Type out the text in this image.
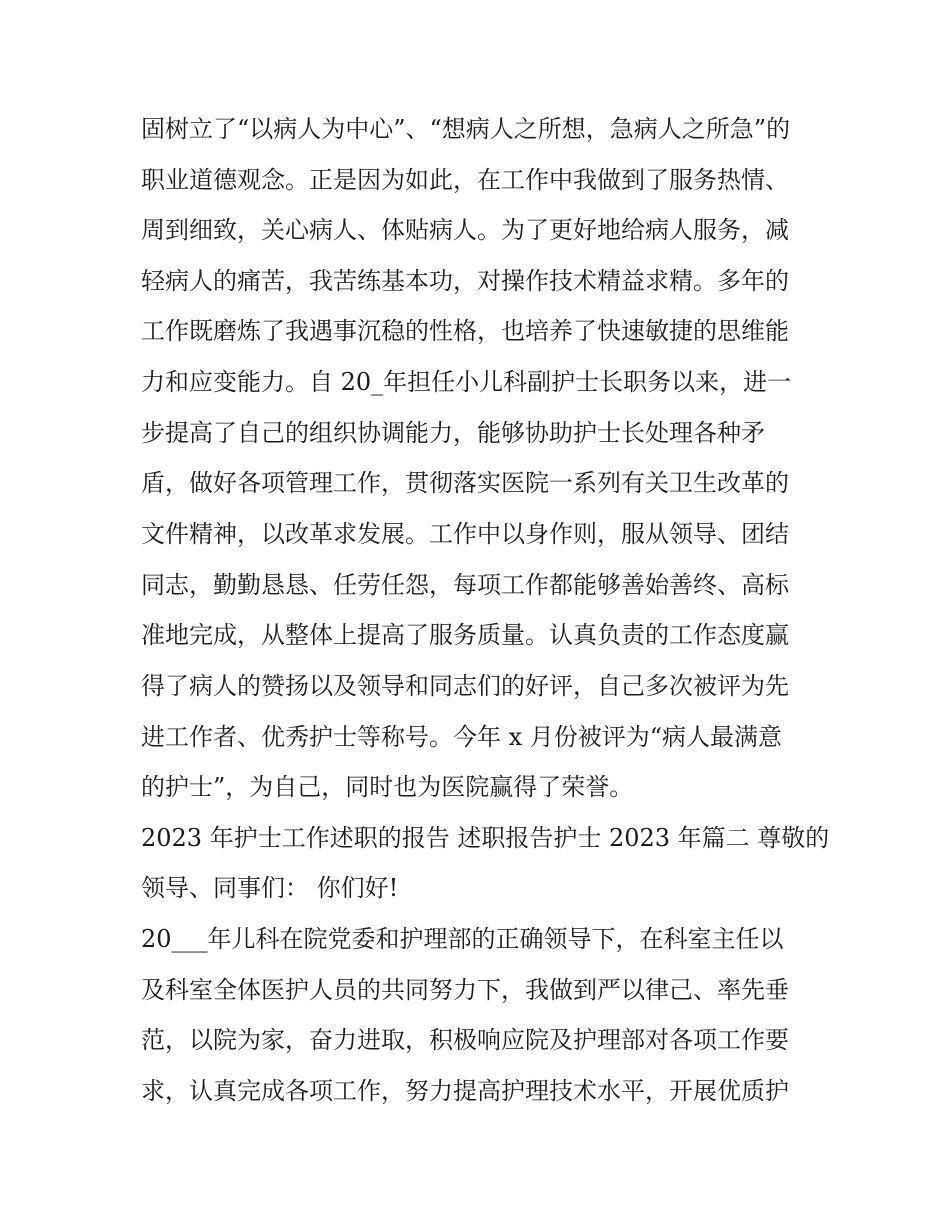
固树立了“以病人为中心”、“想病人之所想，急病人之所急”的
职业道德观念。正是因为如此，在工作中我做到了服务热情、
周到细致，关心病人、体贴病人。为了更好地给病人服务，减
轻病人的痛苦，我苦练基本功，对操作技术精益求精。多年的
工作既磨炼了我遇事沉稳的性格，也培养了快速敏捷的思维能
力和应变能力。自 20_年担任小儿科副护士长职务以来，进一
步提高了自己的组织协调能力，能够协助护士长处理各种矛
盾，做好各项管理工作，贯彻落实医院一系列有关卫生改革的
文件精神，以改革求发展。工作中以身作则，服从领导、团结
同志，勤勤恳恳、任劳任怨，每项工作都能够善始善终、高标
准地完成，从整体上提高了服务质量。认真负责的工作态度赢
得了病人的赞扬以及领导和同志们的好评，自己多次被评为先
进工作者、优秀护士等称号。今年 x 月份被评为“病人最满意
的护士”，为自己，同时也为医院赢得了荣誉。
2023 年护士工作述职的报告 述职报告护士 2023 年篇二 尊敬的
领导、同事们： 你们好!
20___年儿科在院党委和护理部的正确领导下，在科室主任以
及科室全体医护人员的共同努力下，我做到严以律己、率先垂
范，以院为家，奋力进取，积极响应院及护理部对各项工作要
求，认真完成各项工作，努力提高护理技术水平，开展优质护
